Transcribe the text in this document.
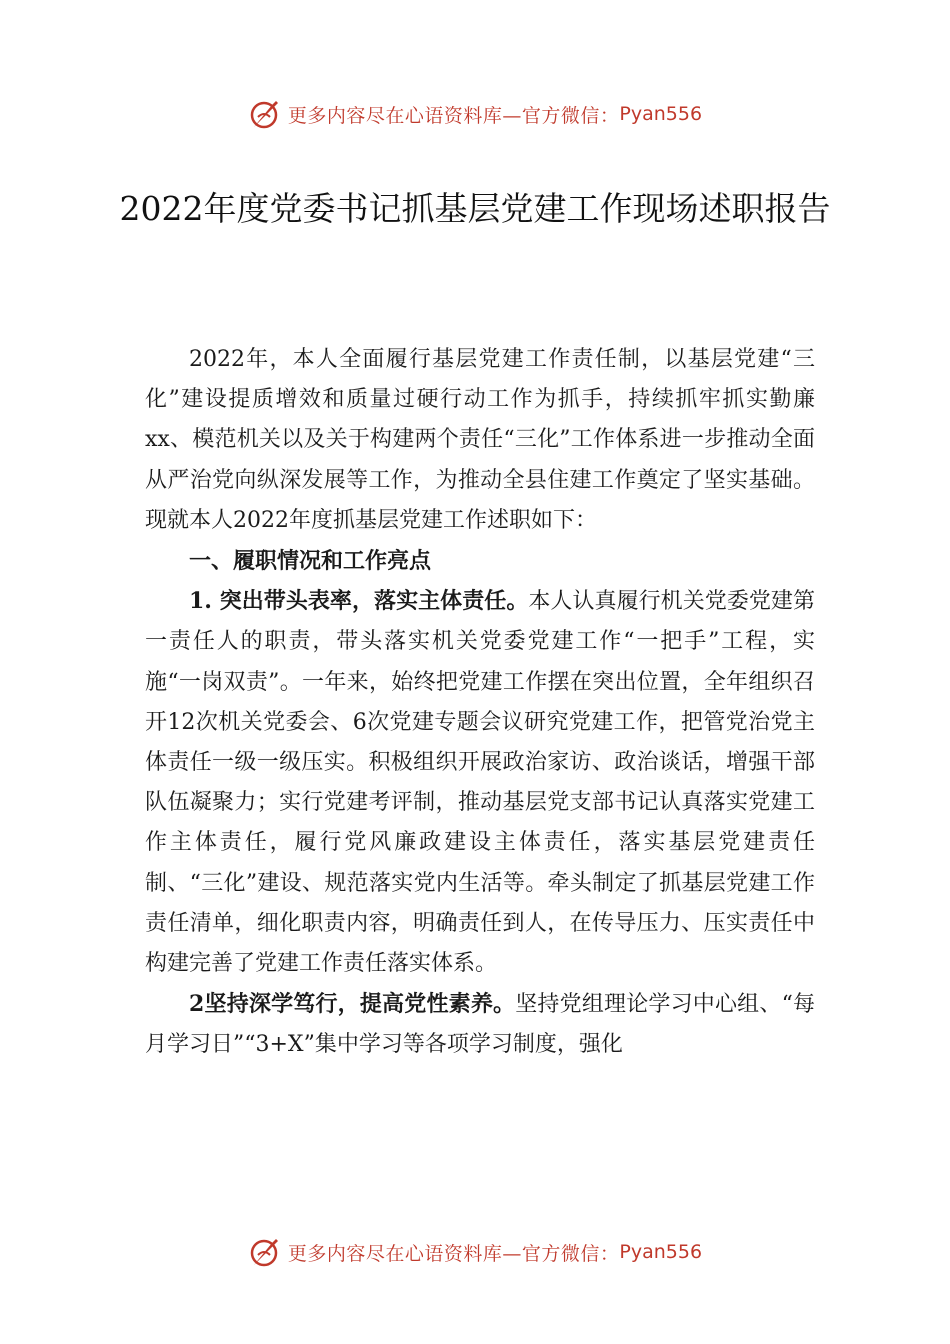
更多内容尽在心语资料库—官方微信： Pyan556
2022年度党委书记抓基层党建工作现场述职报告

2022年，本人全面履行基层党建工作责任制，以基层党建“三化”建设提质增效和质量过硬行动工作为抓手，持续抓牢抓实勤廉xx、模范机关以及关于构建两个责任“三化”工作体系进一步推动全面从严治党向纵深发展等工作，为推动全县住建工作奠定了坚实基础。现就本人2022年度抓基层党建工作述职如下：

一、履职情况和工作亮点

1. 突出带头表率，落实主体责任。本人认真履行机关党委党建第一责任人的职责，带头落实机关党委党建工作“一把手”工程，实施“一岗双责”。一年来，始终把党建工作摆在突出位置，全年组织召开12次机关党委会、6次党建专题会议研究党建工作，把管党治党主体责任一级一级压实。积极组织开展政治家访、政治谈话，增强干部队伍凝聚力；实行党建考评制，推动基层党支部书记认真落实党建工作主体责任，履行党风廉政建设主体责任，落实基层党建责任制、“三化”建设、规范落实党内生活等。牵头制定了抓基层党建工作责任清单，细化职责内容，明确责任到人，在传导压力、压实责任中构建完善了党建工作责任落实体系。

2坚持深学笃行，提高党性素养。坚持党组理论学习中心组、“每月学习日”“3+X”集中学习等各项学习制度，强化

更多内容尽在心语资料库—官方微信： Pyan556
